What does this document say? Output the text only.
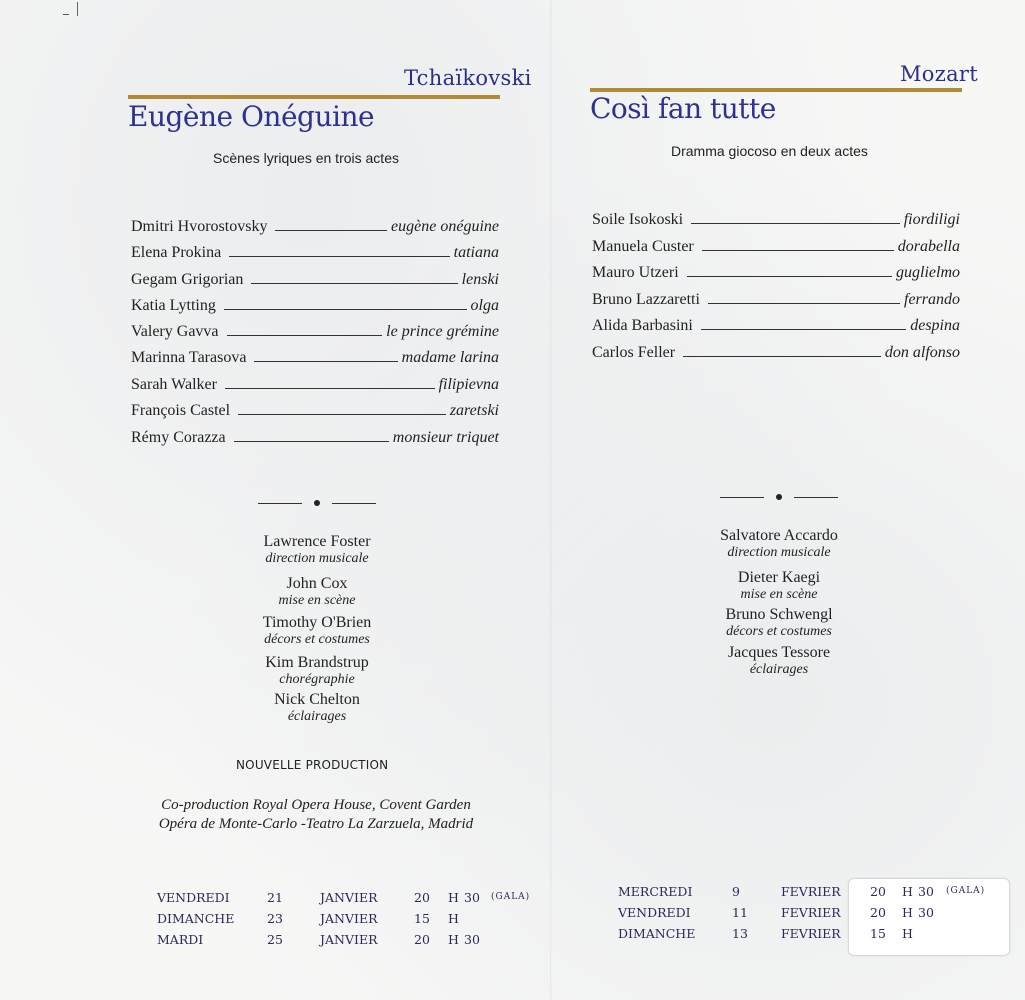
Tchaïkovski
Eugène Onéguine
Scènes lyriques en trois actes
Dmitri Hvorostovsky	eugène onéguine
Elena Prokina	tatiana
Gegam Grigorian	lenski
Katia Lytting	olga
Valery Gavva	le prince grémine
Marinna Tarasova	madame larina
Sarah Walker	filipievna
François Castel	zaretski
Rémy Corazza	monsieur triquet
Lawrence Foster
direction musicale
John Cox
mise en scène
Timothy O'Brien
décors et costumes
Kim Brandstrup
chorégraphie
Nick Chelton
éclairages
NOUVELLE PRODUCTION
Co-production Royal Opera House, Covent Garden
Opéra de Monte-Carlo -Teatro La Zarzuela, Madrid
VENDREDI	21	JANVIER	20 H 30 (GALA)
DIMANCHE	23	JANVIER	15 H
MARDI	25	JANVIER	20 H 30
Mozart
Così fan tutte
Dramma giocoso en deux actes
Soile Isokoski	fiordiligi
Manuela Custer	dorabella
Mauro Utzeri	guglielmo
Bruno Lazzaretti	ferrando
Alida Barbasini	despina
Carlos Feller	don alfonso
Salvatore Accardo
direction musicale
Dieter Kaegi
mise en scène
Bruno Schwengl
décors et costumes
Jacques Tessore
éclairages
MERCREDI	9	FEVRIER 20 H 30 (GALA)
VENDREDI	11	FEVRIER 20 H 30
DIMANCHE	13	FEVRIER 15 H
